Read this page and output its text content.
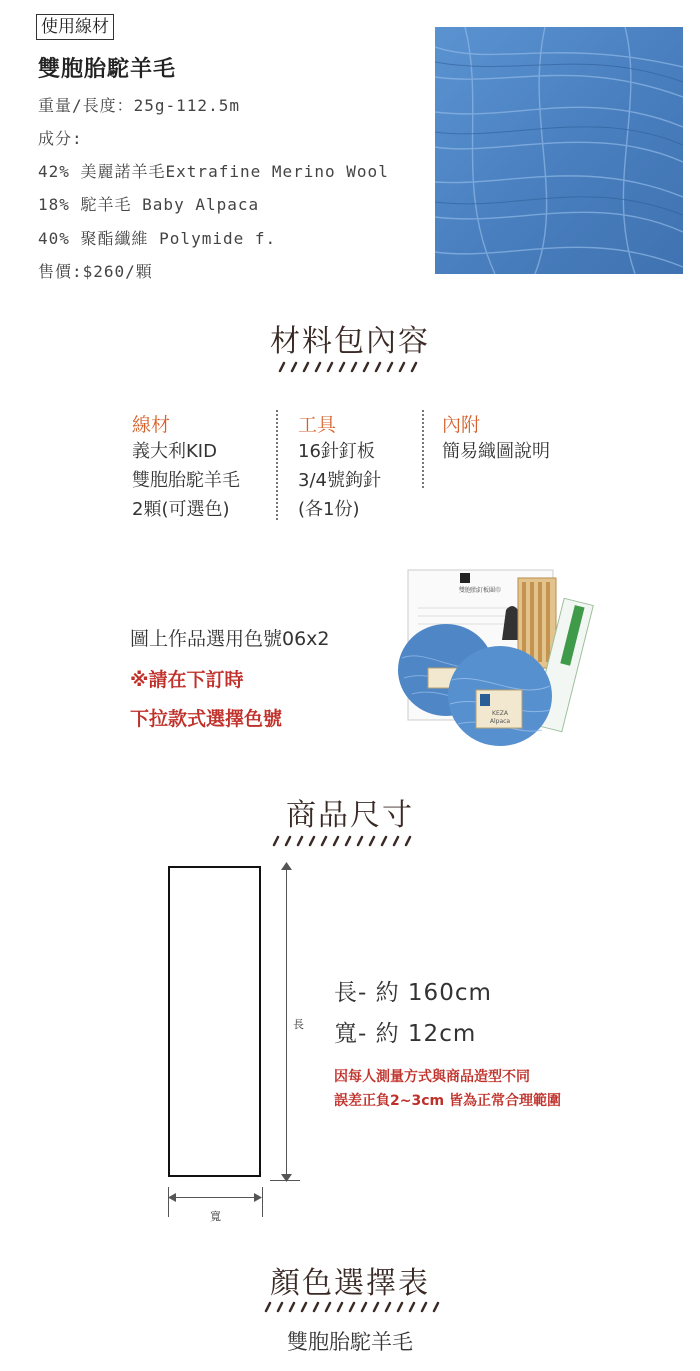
使用線材
雙胞胎駝羊毛
重量/長度：25g-112.5m
成分:
42% 美麗諾羊毛Extrafine Merino Wool
18% 駝羊毛 Baby Alpaca
40% 聚酯纖維 Polymide f.
售價:$260/顆
材料包內容
線材
義大利KID
雙胞胎駝羊毛
2顆(可選色)
工具
16針釘板
3/4號鉤針
(各1份)
內附
簡易織圖說明
圖上作品選用色號06x2
※請在下訂時
下拉款式選擇色號
雙胞胎釘板圍巾
KEZA
Alpaca
商品尺寸
長
寬
長- 約 160cm
寬- 約 12cm
因每人測量方式與商品造型不同
誤差正負2~3cm 皆為正常合理範圍
顏色選擇表
雙胞胎駝羊毛
